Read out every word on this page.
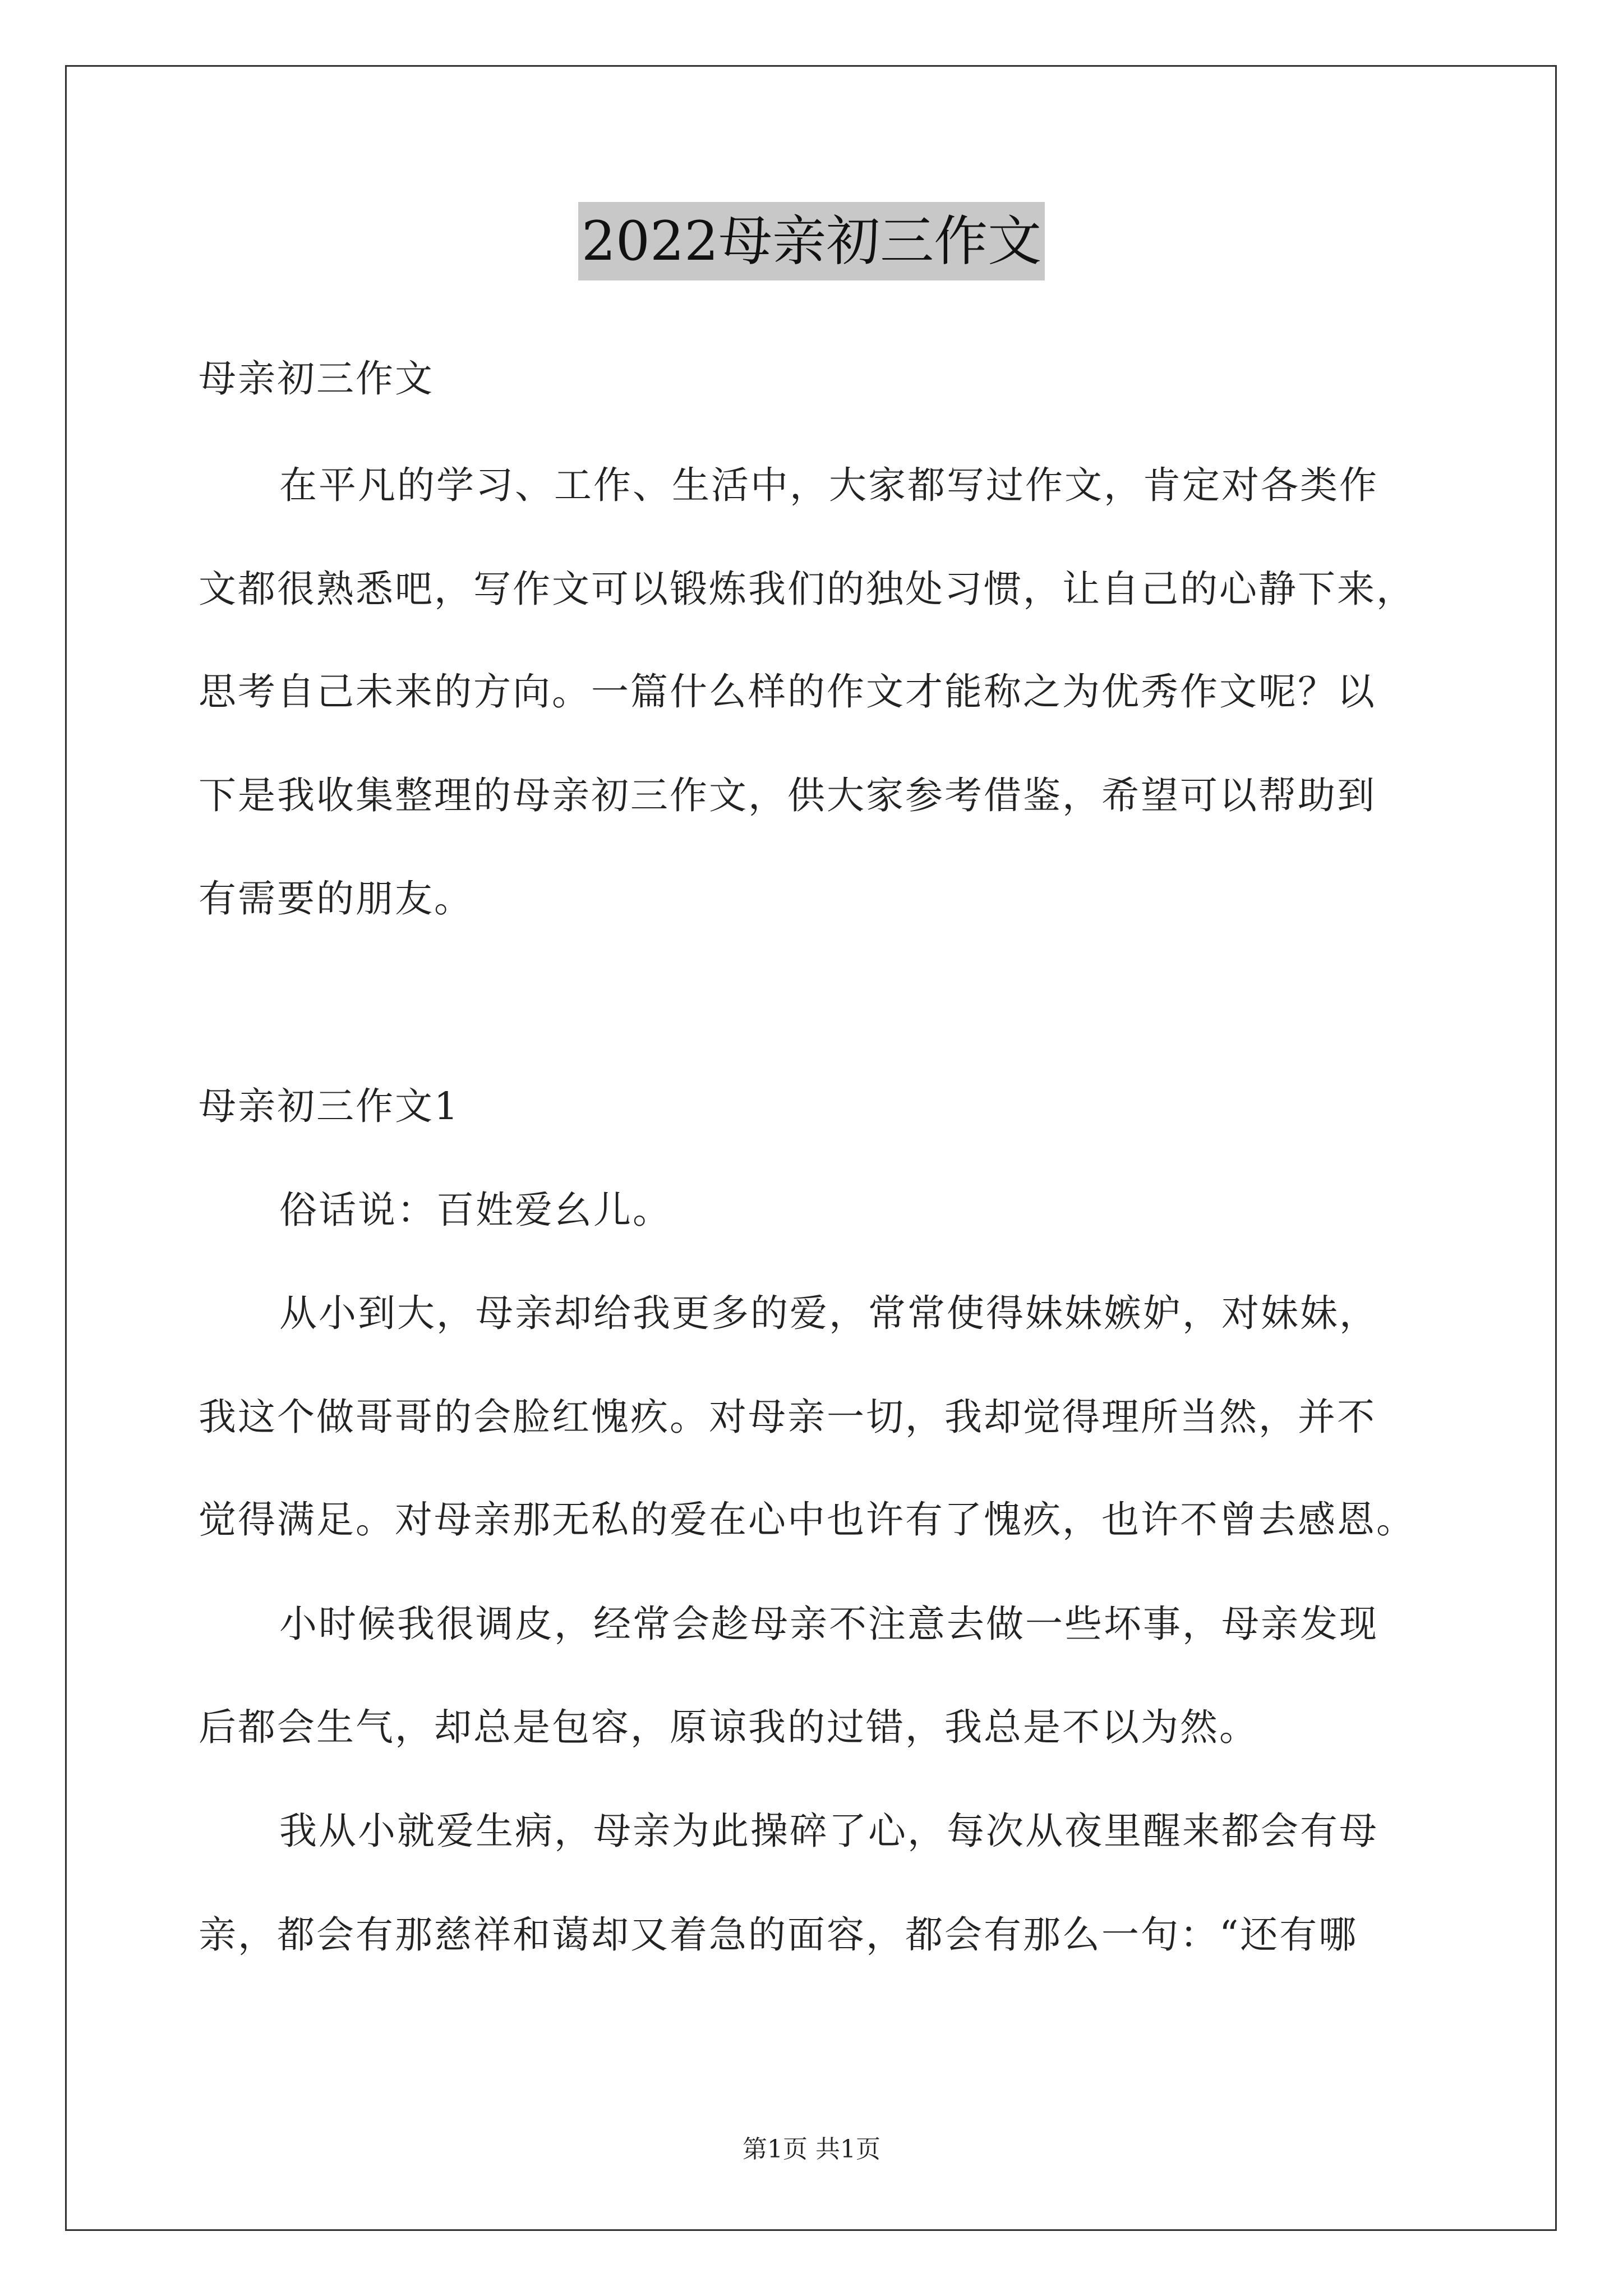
2022母亲初三作文
母亲初三作文
在平凡的学习、工作、生活中，大家都写过作文，肯定对各类作
文都很熟悉吧，写作文可以锻炼我们的独处习惯，让自己的心静下来，
思考自己未来的方向。一篇什么样的作文才能称之为优秀作文呢？以
下是我收集整理的母亲初三作文，供大家参考借鉴，希望可以帮助到
有需要的朋友。
母亲初三作文1
俗话说：百姓爱幺儿。
从小到大，母亲却给我更多的爱，常常使得妹妹嫉妒，对妹妹，
我这个做哥哥的会脸红愧疚。对母亲一切，我却觉得理所当然，并不
觉得满足。对母亲那无私的爱在心中也许有了愧疚，也许不曾去感恩。
小时候我很调皮，经常会趁母亲不注意去做一些坏事，母亲发现
后都会生气，却总是包容，原谅我的过错，我总是不以为然。
我从小就爱生病，母亲为此操碎了心，每次从夜里醒来都会有母
亲，都会有那慈祥和蔼却又着急的面容，都会有那么一句：“还有哪
第1页 共1页
